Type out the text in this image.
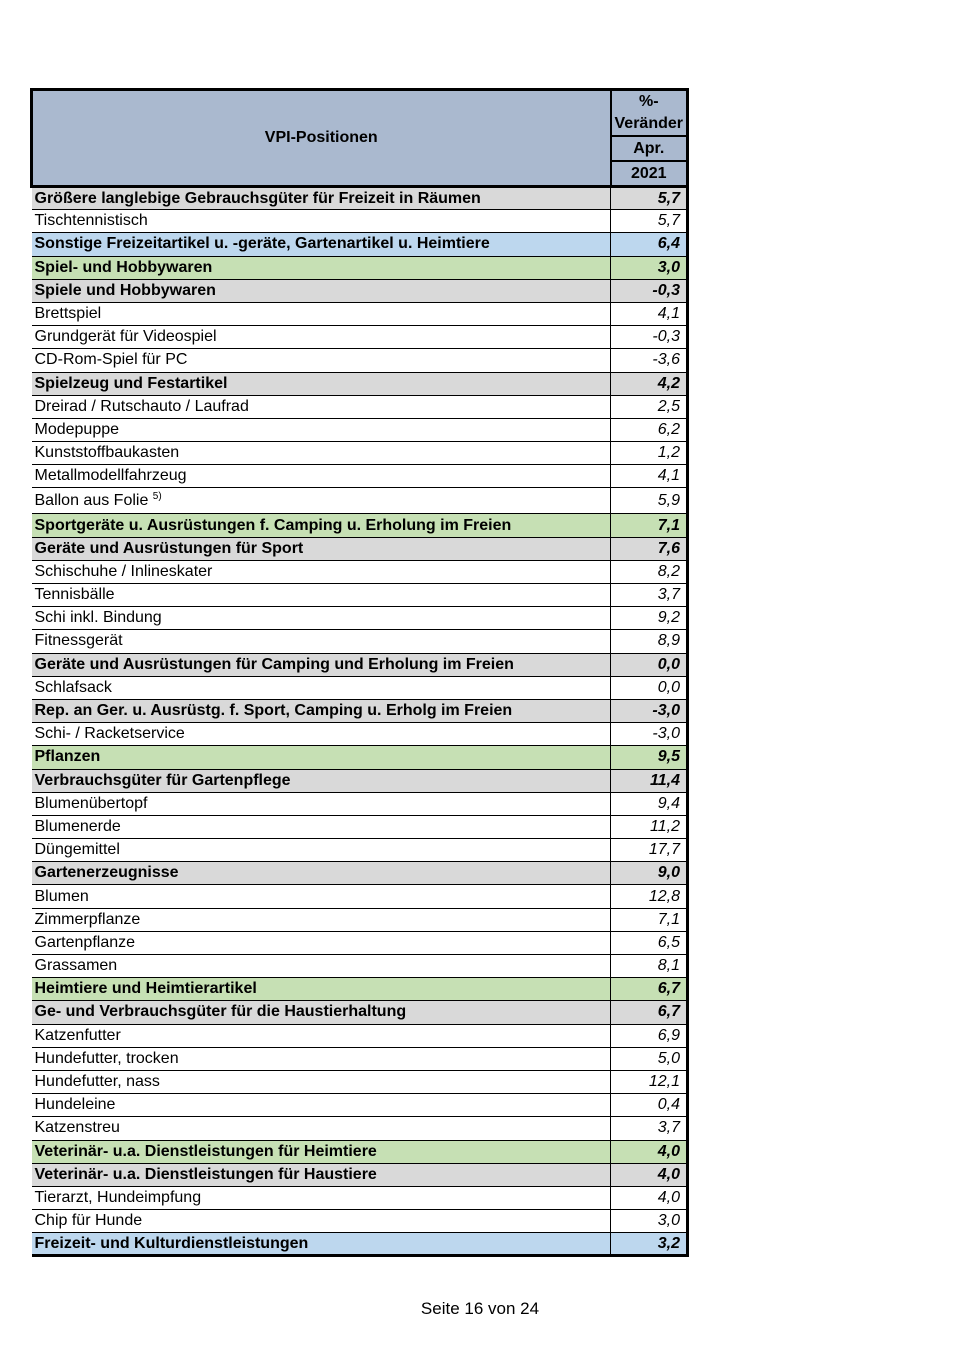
VPI-Positionen	%-
Veränder
	Apr.
	2021
Größere langlebige Gebrauchsgüter für Freizeit in Räumen	5,7
Tischtennistisch	5,7
Sonstige Freizeitartikel u. -geräte, Gartenartikel u. Heimtiere	6,4
Spiel- und Hobbywaren	3,0
Spiele und Hobbywaren	-0,3
Brettspiel	4,1
Grundgerät für Videospiel	-0,3
CD-Rom-Spiel für PC	-3,6
Spielzeug und Festartikel	4,2
Dreirad / Rutschauto / Laufrad	2,5
Modepuppe	6,2
Kunststoffbaukasten	1,2
Metallmodellfahrzeug	4,1
Ballon aus Folie $^{5)}$	5,9
Sportgeräte u. Ausrüstungen f. Camping u. Erholung im Freien	7,1
Geräte und Ausrüstungen für Sport	7,6
Schischuhe / Inlineskater	8,2
Tennisbälle	3,7
Schi inkl. Bindung	9,2
Fitnessgerät	8,9
Geräte und Ausrüstungen für Camping und Erholung im Freien	0,0
Schlafsack	0,0
Rep. an Ger. u. Ausrüstg. f. Sport, Camping u. Erholg im Freien	-3,0
Schi- / Racketservice	-3,0
Pflanzen	9,5
Verbrauchsgüter für Gartenpflege	11,4
Blumenübertopf	9,4
Blumenerde	11,2
Düngemittel	17,7
Gartenerzeugnisse	9,0
Blumen	12,8
Zimmerpflanze	7,1
Gartenpflanze	6,5
Grassamen	8,1
Heimtiere und Heimtierartikel	6,7
Ge- und Verbrauchsgüter für die Haustierhaltung	6,7
Katzenfutter	6,9
Hundefutter, trocken	5,0
Hundefutter, nass	12,1
Hundeleine	0,4
Katzenstreu	3,7
Veterinär- u.a. Dienstleistungen für Heimtiere	4,0
Veterinär- u.a. Dienstleistungen für Haustiere	4,0
Tierarzt, Hundeimpfung	4,0
Chip für Hunde	3,0
Freizeit- und Kulturdienstleistungen	3,2
Seite 16 von 24
